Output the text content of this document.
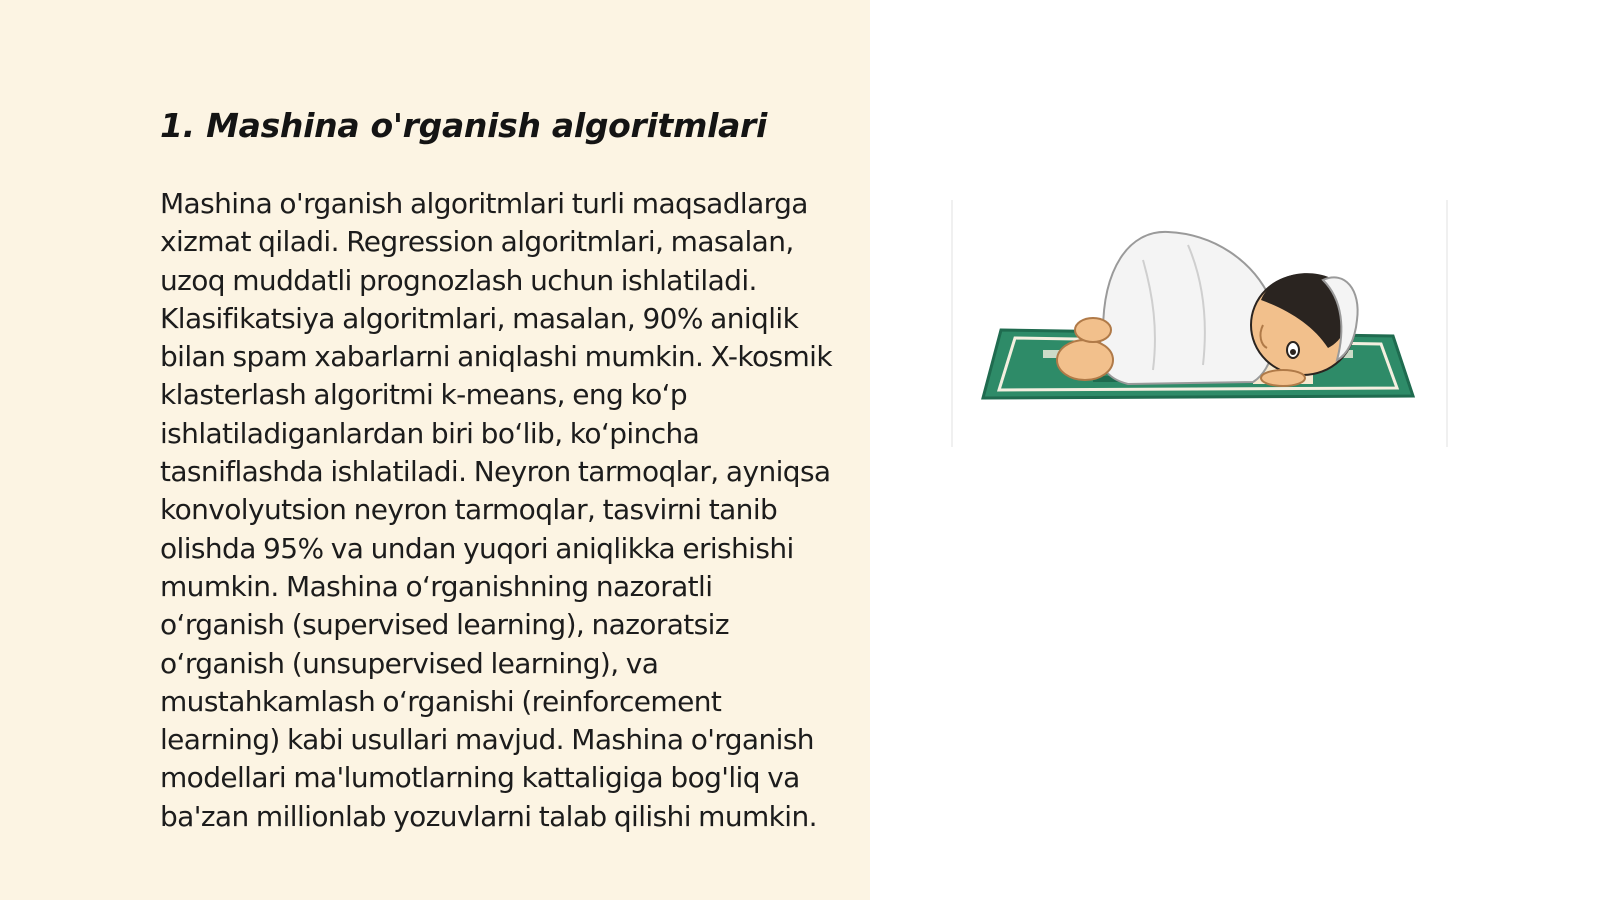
1. Mashina o'rganish algoritmlari

Mashina o'rganish algoritmlari turli maqsadlarga xizmat qiladi. Regression algoritmlari, masalan, uzoq muddatli prognozlash uchun ishlatiladi. Klasifikatsiya algoritmlari, masalan, 90% aniqlik bilan spam xabarlarni aniqlashi mumkin. X-kosmik klasterlash algoritmi k-means, eng ko‘p ishlatiladiganlardan biri bo‘lib, ko‘pincha tasniflashda ishlatiladi. Neyron tarmoqlar, ayniqsa konvolyutsion neyron tarmoqlar, tasvirni tanib olishda 95% va undan yuqori aniqlikka erishishi mumkin. Mashina o‘rganishning nazoratli o‘rganish (supervised learning), nazoratsiz o‘rganish (unsupervised learning), va mustahkamlash o‘rganishi (reinforcement learning) kabi usullari mavjud. Mashina o'rganish modellari ma'lumotlarning kattaligiga bog'liq va ba'zan millionlab yozuvlarni talab qilishi mumkin.
